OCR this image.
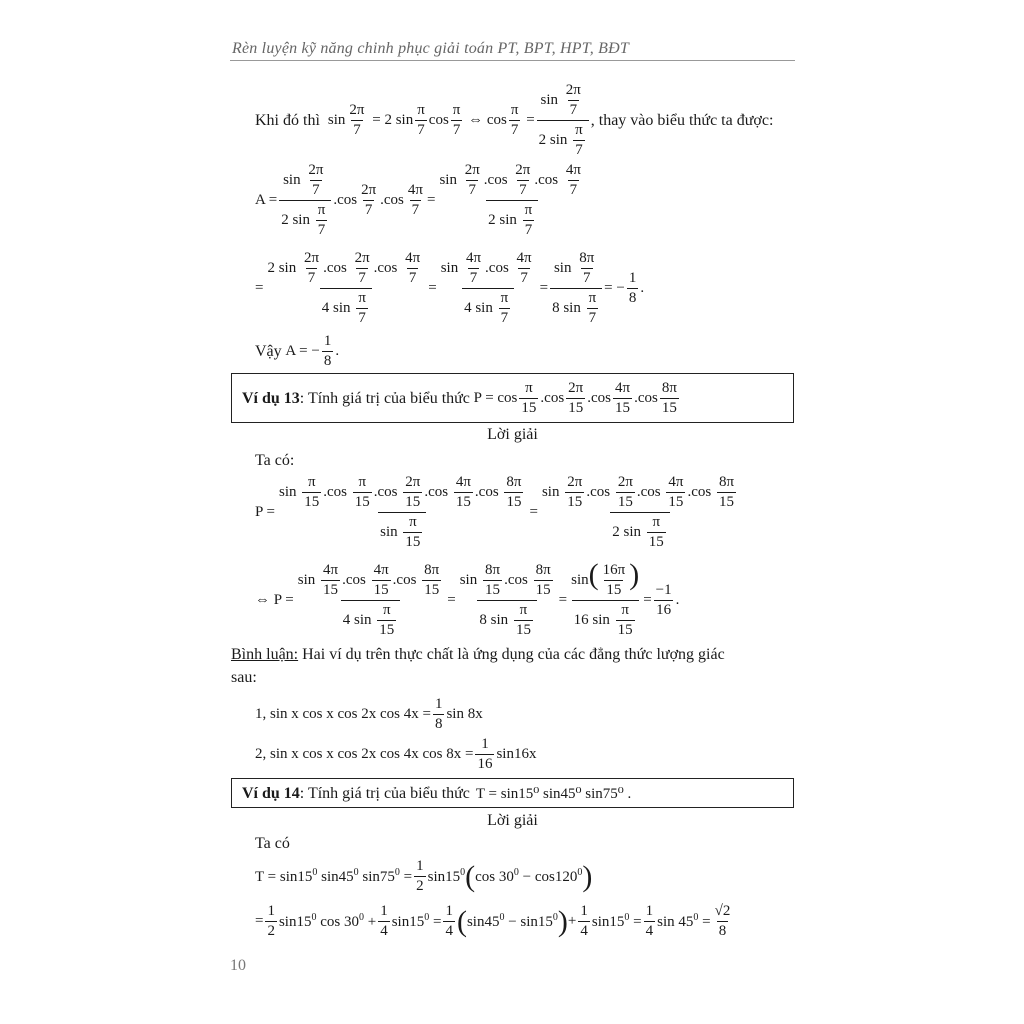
Rèn luyện kỹ năng chinh phục giải toán PT, BPT, HPT, BĐT
Khi đó thì $\sin \frac{2\pi}{7} = 2$ $\sin \frac{\pi}{7}$ $\cos \frac{\pi}{7}$ ⇔ $\cos \frac{\pi}{7} = \frac{\sin \frac{2\pi}{7}}{2 \sin \frac{\pi}{7}}$ , thay vào biểu thức ta được:
$A = \frac{\sin \frac{2\pi}{7}}{2 \sin \frac{\pi}{7}} .\cos \frac{2\pi}{7} .\cos \frac{4\pi}{7} = \frac{\sin \frac{2\pi}{7} .\cos \frac{2\pi}{7} .\cos \frac{4\pi}{7}}{2 \sin \frac{\pi}{7}}$
= $\frac{2 \sin \frac{2\pi}{7} .\cos \frac{2\pi}{7} .\cos \frac{4\pi}{7}}{4 \sin \frac{\pi}{7}} = \frac{\sin \frac{4\pi}{7} .\cos \frac{4\pi}{7}}{4 \sin \frac{\pi}{7}} = \frac{\sin \frac{8\pi}{7}}{8 \sin \frac{\pi}{7}}$ = − $\frac{1}{8}$ .
Vậy A = − $\frac{1}{8}$ .
Ví dụ 13 : Tính giá trị của biểu thức $P = \cos \frac{\pi}{15} .\cos \frac{2\pi}{15} .\cos \frac{4\pi}{15} .\cos \frac{8\pi}{15}$
Lời giải
Ta có:
$P = \frac{\sin \frac{\pi}{15} .\cos \frac{\pi}{15} .\cos \frac{2\pi}{15} .\cos \frac{4\pi}{15} .\cos \frac{8\pi}{15}}{\sin \frac{\pi}{15}} = \frac{\sin \frac{2\pi}{15} .\cos \frac{2\pi}{15} .\cos \frac{4\pi}{15} .\cos \frac{8\pi}{15}}{2 \sin \frac{\pi}{15}}$
⇔ $P = \frac{\sin \frac{4\pi}{15} .\cos \frac{4\pi}{15} .\cos \frac{8\pi}{15}}{4 \sin \frac{\pi}{15}} = \frac{\sin \frac{8\pi}{15} .\cos \frac{8\pi}{15}}{8 \sin \frac{\pi}{15}} = \frac{\sin( \frac{16\pi}{15} )}{16 \sin \frac{\pi}{15}} = \frac{-1}{16}$ .
Bình luận: Hai ví dụ trên thực chất là ứng dụng của các đẳng thức lượng giác
sau:
1, sin x cos x cos 2x $\cos 4x = \frac{1}{8}$ sin 8x
2, sin x cos x cos 2x cos 4x $\cos 8x = \frac{1}{16} \sin 16x$
Ví dụ 14 : Tính giá trị của biểu thức T = sin15⁰ sin45⁰ sin75⁰ .
Lời giải
Ta có
$T = \sin 15^0$ $\sin 45^0$ $\sin 75^0 = \frac{1}{2} \sin 15^0$ ( $\cos 30^0 - \cos 120^0$ )
= $\frac{1}{2} \sin 15^0$ $\cos 30^0 + \frac{1}{4} \sin 15^0 = \frac{1}{4}$ ( $\sin 45^0 - \sin 15^0$ ) + $\frac{1}{4} \sin 15^0 = \frac{1}{4}$ $\sin 45^0 = \frac{√2}{8}$
10
